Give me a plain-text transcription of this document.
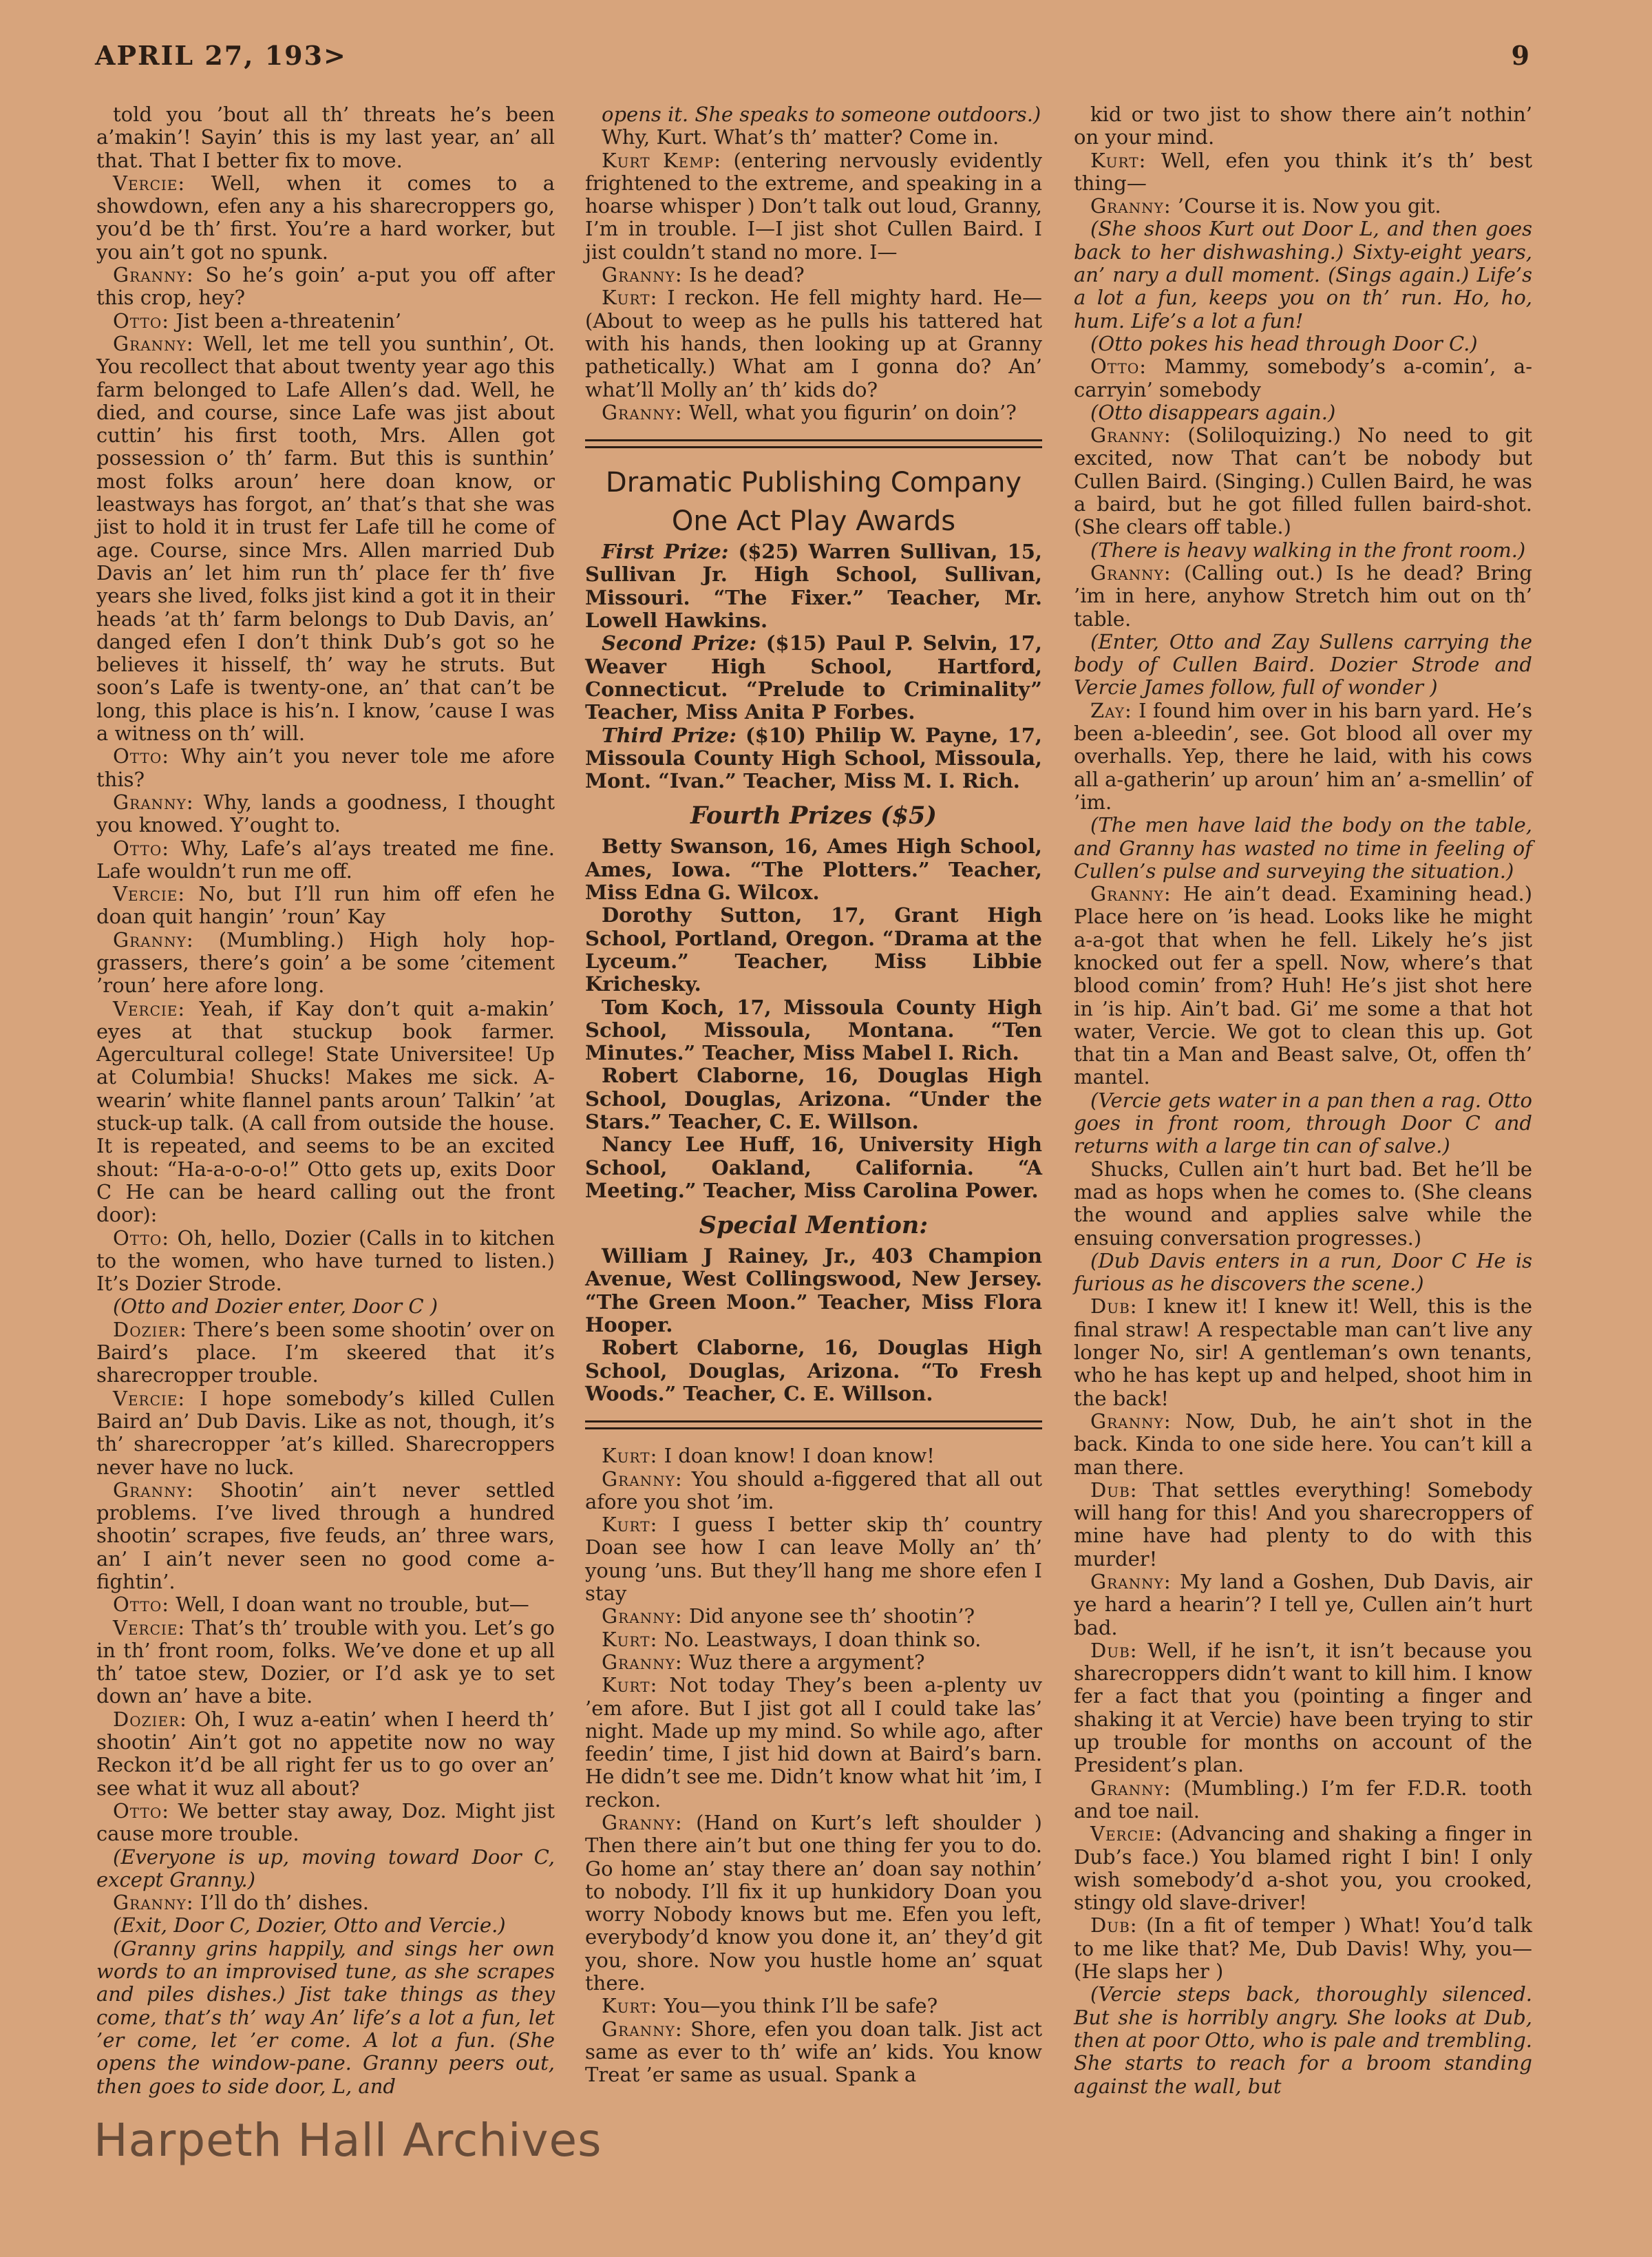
APRIL 27, 193>	9

told you ’bout all th’ threats he’s been a’makin’! Sayin’ this is my last year, an’ all that. That I better fix to move.

Vercie: Well, when it comes to a showdown, efen any a his sharecroppers go, you’d be th’ first. You’re a hard worker, but you ain’t got no spunk.

Granny: So he’s goin’ a-put you off after this crop, hey?

Otto: Jist been a-threatenin’

Granny: Well, let me tell you sunthin’, Ot. You recollect that about twenty year ago this farm belonged to Lafe Allen’s dad. Well, he died, and course, since Lafe was jist about cuttin’ his first tooth, Mrs. Allen got possession o’ th’ farm. But this is sunthin’ most folks aroun’ here doan know, or leastways has forgot, an’ that’s that she was jist to hold it in trust fer Lafe till he come of age. Course, since Mrs. Allen married Dub Davis an’ let him run th’ place fer th’ five years she lived, folks jist kind a got it in their heads ’at th’ farm belongs to Dub Davis, an’ danged efen I don’t think Dub’s got so he believes it hisself, th’ way he struts. But soon’s Lafe is twenty-one, an’ that can’t be long, this place is his’n. I know, ’cause I was a witness on th’ will.

Otto: Why ain’t you never tole me afore this?

Granny: Why, lands a goodness, I thought you knowed. Y’ought to.

Otto: Why, Lafe’s al’ays treated me fine. Lafe wouldn’t run me off.

Vercie: No, but I’ll run him off efen he doan quit hangin’ ’roun’ Kay

Granny: (Mumbling.) High holy hop-grassers, there’s goin’ a be some ’citement ’roun’ here afore long.

Vercie: Yeah, if Kay don’t quit a-makin’ eyes at that stuckup book farmer. Agercultural college! State Universitee! Up at Columbia! Shucks! Makes me sick. A-wearin’ white flannel pants aroun’ Talkin’ ’at stuck-up talk. (A call from outside the house. It is repeated, and seems to be an excited shout: “Ha-a-o-o-o!” Otto gets up, exits Door C He can be heard calling out the front door):

Otto: Oh, hello, Dozier (Calls in to kitchen to the women, who have turned to listen.) It’s Dozier Strode.

(Otto and Dozier enter, Door C )

Dozier: There’s been some shootin’ over on Baird’s place. I’m skeered that it’s sharecropper trouble.

Vercie: I hope somebody’s killed Cullen Baird an’ Dub Davis. Like as not, though, it’s th’ sharecropper ’at’s killed. Sharecroppers never have no luck.

Granny: Shootin’ ain’t never settled problems. I’ve lived through a hundred shootin’ scrapes, five feuds, an’ three wars, an’ I ain’t never seen no good come a-fightin’.

Otto: Well, I doan want no trouble, but—

Vercie: That’s th’ trouble with you. Let’s go in th’ front room, folks. We’ve done et up all th’ tatoe stew, Dozier, or I’d ask ye to set down an’ have a bite.

Dozier: Oh, I wuz a-eatin’ when I heerd th’ shootin’ Ain’t got no appetite now no way Reckon it’d be all right fer us to go over an’ see what it wuz all about?

Otto: We better stay away, Doz. Might jist cause more trouble.

(Everyone is up, moving toward Door C, except Granny.)

Granny: I’ll do th’ dishes.

(Exit, Door C, Dozier, Otto and Vercie.)

(Granny grins happily, and sings her own words to an improvised tune, as she scrapes and piles dishes.) Jist take things as they come, that’s th’ way An’ life’s a lot a fun, let ’er come, let ’er come. A lot a fun. (She opens the window-pane. Granny peers out, then goes to side door, L, and

opens it. She speaks to someone outdoors.)

Why, Kurt. What’s th’ matter? Come in.

Kurt Kemp: (entering nervously evidently frightened to the extreme, and speaking in a hoarse whisper ) Don’t talk out loud, Granny, I’m in trouble. I—I jist shot Cullen Baird. I jist couldn’t stand no more. I—

Granny: Is he dead?

Kurt: I reckon. He fell mighty hard. He— (About to weep as he pulls his tattered hat with his hands, then looking up at Granny pathetically.) What am I gonna do? An’ what’ll Molly an’ th’ kids do?

Granny: Well, what you figurin’ on doin’?

Dramatic Publishing Company

One Act Play Awards

First Prize: ($25) Warren Sullivan, 15, Sullivan Jr. High School, Sullivan, Missouri. “The Fixer.” Teacher, Mr. Lowell Hawkins.

Second Prize: ($15) Paul P. Selvin, 17, Weaver High School, Hartford, Connecticut. “Prelude to Criminality” Teacher, Miss Anita P Forbes.

Third Prize: ($10) Philip W. Payne, 17, Missoula County High School, Missoula, Mont. “Ivan.” Teacher, Miss M. I. Rich.

Fourth Prizes ($5)

Betty Swanson, 16, Ames High School, Ames, Iowa. “The Plotters.” Teacher, Miss Edna G. Wilcox.

Dorothy Sutton, 17, Grant High School, Portland, Oregon. “Drama at the Lyceum.” Teacher, Miss Libbie Krichesky.

Tom Koch, 17, Missoula County High School, Missoula, Montana. “Ten Minutes.” Teacher, Miss Mabel I. Rich.

Robert Claborne, 16, Douglas High School, Douglas, Arizona. “Under the Stars.” Teacher, C. E. Willson.

Nancy Lee Huff, 16, University High School, Oakland, California. “A Meeting.” Teacher, Miss Carolina Power.

Special Mention:

William J Rainey, Jr., 403 Champion Avenue, West Collingswood, New Jersey. “The Green Moon.” Teacher, Miss Flora Hooper.

Robert Claborne, 16, Douglas High School, Douglas, Arizona. “To Fresh Woods.” Teacher, C. E. Willson.

Kurt: I doan know! I doan know!

Granny: You should a-figgered that all out afore you shot ’im.

Kurt: I guess I better skip th’ country Doan see how I can leave Molly an’ th’ young ’uns. But they’ll hang me shore efen I stay

Granny: Did anyone see th’ shootin’?

Kurt: No. Leastways, I doan think so.

Granny: Wuz there a argyment?

Kurt: Not today They’s been a-plenty uv ’em afore. But I jist got all I could take las’ night. Made up my mind. So while ago, after feedin’ time, I jist hid down at Baird’s barn. He didn’t see me. Didn’t know what hit ’im, I reckon.

Granny: (Hand on Kurt’s left shoulder ) Then there ain’t but one thing fer you to do. Go home an’ stay there an’ doan say nothin’ to nobody. I’ll fix it up hunkidory Doan you worry Nobody knows but me. Efen you left, everybody’d know you done it, an’ they’d git you, shore. Now you hustle home an’ squat there.

Kurt: You—you think I’ll be safe?

Granny: Shore, efen you doan talk. Jist act same as ever to th’ wife an’ kids. You know Treat ’er same as usual. Spank a

kid or two jist to show there ain’t nothin’ on your mind.

Kurt: Well, efen you think it’s th’ best thing—

Granny: ’Course it is. Now you git.

(She shoos Kurt out Door L, and then goes back to her dishwashing.) Sixty-eight years, an’ nary a dull moment. (Sings again.) Life’s a lot a fun, keeps you on th’ run. Ho, ho, hum. Life’s a lot a fun!

(Otto pokes his head through Door C.)

Otto: Mammy, somebody’s a-comin’, a-carryin’ somebody

(Otto disappears again.)

Granny: (Soliloquizing.) No need to git excited, now That can’t be nobody but Cullen Baird. (Singing.) Cullen Baird, he was a baird, but he got filled fullen baird-shot. (She clears off table.)

(There is heavy walking in the front room.)

Granny: (Calling out.) Is he dead? Bring ’im in here, anyhow Stretch him out on th’ table.

(Enter, Otto and Zay Sullens carrying the body of Cullen Baird. Dozier Strode and Vercie James follow, full of wonder )

Zay: I found him over in his barn yard. He’s been a-bleedin’, see. Got blood all over my overhalls. Yep, there he laid, with his cows all a-gatherin’ up aroun’ him an’ a-smellin’ of ’im.

(The men have laid the body on the table, and Granny has wasted no time in feeling of Cullen’s pulse and surveying the situation.)

Granny: He ain’t dead. Examining head.) Place here on ’is head. Looks like he might a-a-got that when he fell. Likely he’s jist knocked out fer a spell. Now, where’s that blood comin’ from? Huh! He’s jist shot here in ’is hip. Ain’t bad. Gi’ me some a that hot water, Vercie. We got to clean this up. Got that tin a Man and Beast salve, Ot, offen th’ mantel.

(Vercie gets water in a pan then a rag. Otto goes in front room, through Door C and returns with a large tin can of salve.)

Shucks, Cullen ain’t hurt bad. Bet he’ll be mad as hops when he comes to. (She cleans the wound and applies salve while the ensuing conversation progresses.)

(Dub Davis enters in a run, Door C He is furious as he discovers the scene.)

Dub: I knew it! I knew it! Well, this is the final straw! A respectable man can’t live any longer No, sir! A gentleman’s own tenants, who he has kept up and helped, shoot him in the back!

Granny: Now, Dub, he ain’t shot in the back. Kinda to one side here. You can’t kill a man there.

Dub: That settles everything! Somebody will hang for this! And you sharecroppers of mine have had plenty to do with this murder!

Granny: My land a Goshen, Dub Davis, air ye hard a hearin’? I tell ye, Cullen ain’t hurt bad.

Dub: Well, if he isn’t, it isn’t because you sharecroppers didn’t want to kill him. I know fer a fact that you (pointing a finger and shaking it at Vercie) have been trying to stir up trouble for months on account of the President’s plan.

Granny: (Mumbling.) I’m fer F.D.R. tooth and toe nail.

Vercie: (Advancing and shaking a finger in Dub’s face.) You blamed right I bin! I only wish somebody’d a-shot you, you crooked, stingy old slave-driver!

Dub: (In a fit of temper ) What! You’d talk to me like that? Me, Dub Davis! Why, you—(He slaps her )

(Vercie steps back, thoroughly silenced. But she is horribly angry. She looks at Dub, then at poor Otto, who is pale and trembling. She starts to reach for a broom standing against the wall, but

Harpeth Hall Archives
